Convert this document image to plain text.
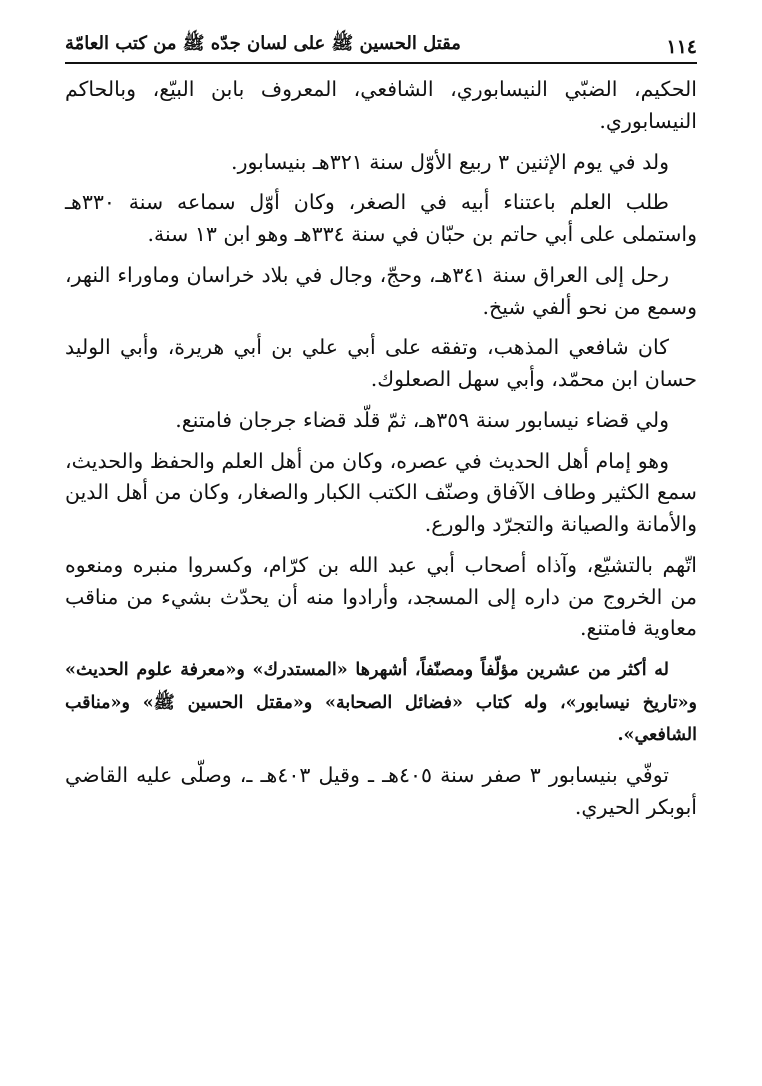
١١٤
مقتل الحسين ﷺ على لسان جدّه ﷺ من كتب العامّة

الحكيم، الضبّي النيسابوري، الشافعي، المعروف بابن البيّع، وبالحاكم النيسابوري.

ولد في يوم الإثنين ٣ ربيع الأوّل سنة ٣٢١هـ بنيسابور.

طلب العلم باعتناء أبيه في الصغر، وكان أوّل سماعه سنة ٣٣٠هـ واستملى على أبي حاتم بن حبّان في سنة ٣٣٤هـ وهو ابن ١٣ سنة.

رحل إلى العراق سنة ٣٤١هـ، وحجّ، وجال في بلاد خراسان وماوراء النهر، وسمع من نحو ألفي شيخ.

كان شافعي المذهب، وتفقه على أبي علي بن أبي هريرة، وأبي الوليد حسان ابن محمّد، وأبي سهل الصعلوك.

ولي قضاء نيسابور سنة ٣٥٩هـ، ثمّ قلّد قضاء جرجان فامتنع.

وهو إمام أهل الحديث في عصره، وكان من أهل العلم والحفظ والحديث، سمع الكثير وطاف الآفاق وصنّف الكتب الكبار والصغار، وكان من أهل الدين والأمانة والصيانة والتجرّد والورع.

اتّهم بالتشيّع، وآذاه أصحاب أبي عبد الله بن كرّام، وكسروا منبره ومنعوه من الخروج من داره إلى المسجد، وأرادوا منه أن يحدّث بشيء من مناقب معاوية فامتنع.

له أكثر من عشرين مؤلّفاً ومصنّفاً، أشهرها «المستدرك» و«معرفة علوم الحديث» و«تاريخ نيسابور»، وله كتاب «فضائل الصحابة» و«مقتل الحسين ﷺ» و«مناقب الشافعي».

توفّي بنيسابور ٣ صفر سنة ٤٠٥هـ ـ وقيل ٤٠٣هـ ـ، وصلّى عليه القاضي أبوبكر الحيري.
